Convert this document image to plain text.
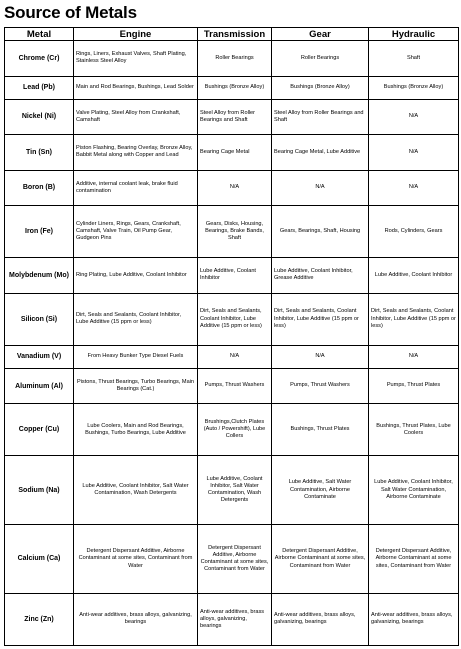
Source of Metals
Metal	Engine	Transmission	Gear	Hydraulic
Chrome (Cr)	Rings, Liners, Exhaust Valves, Shaft Plating, Stainless Steel Alloy	Roller Bearings	Roller Bearings	Shaft
Lead (Pb)	Main and Rod Bearings, Bushings, Lead Solder	Bushings (Bronze Alloy)	Bushings (Bronze Alloy)	Bushings (Bronze Alloy)
Nickel (Ni)	Valve Plating, Steel Alloy from Crankshaft, Camshaft	Steel Alloy from Roller Bearings and Shaft	Steel Alloy from Roller Bearings and Shaft	N/A
Tin (Sn)	Piston Flashing, Bearing Overlay, Bronze Alloy, Babbit Metal along with Copper and Lead	Bearing Cage Metal	Bearing Cage Metal, Lube Additive	N/A
Boron (B)	Additive, internal coolant leak, brake fluid contamination	N/A	N/A	N/A
Iron (Fe)	Cylinder Liners, Rings, Gears, Crankshaft, Camshaft, Valve Train, Oil Pump Gear, Gudgeon Pins	Gears, Disks, Housing, Bearings, Brake Bands, Shaft	Gears, Bearings, Shaft, Housing	Rods, Cylinders, Gears
Molybdenum (Mo)	Ring Plating, Lube Additive, Coolant Inhibitor	Lube Additive, Coolant Inhibitor	Lube Additive, Coolant Inhibitor, Grease Additive	Lube Additive, Coolant Inhibitor
Silicon (Si)	Dirt, Seals and Sealants, Coolant Inhibitor, Lube Additive (15 ppm or less)	Dirt, Seals and Sealants, Coolant Inhibitor, Lube Additive (15 ppm or less)	Dirt, Seals and Sealants, Coolant Inhibitor, Lube Additive (15 ppm or less)	Dirt, Seals and Sealants, Coolant Inhibitor, Lube Additive (15 ppm or less)
Vanadium (V)	From Heavy Bunker Type Diesel Fuels	N/A	N/A	N/A
Aluminum (Al)	Pistons, Thrust Bearings, Turbo Bearings, Main Bearings (Cat.)	Pumps, Thrust Washers	Pumps, Thrust Washers	Pumps, Thrust Plates
Copper (Cu)	Lube Coolers, Main and Rod Bearings, Bushings, Turbo Bearings, Lube Additive	Brushings,Clutch Plates (Auto / Powershift), Lube Collers	Bushings, Thrust Plates	Bushings, Thrust Plates, Lube Coolers
Sodium (Na)	Lube Additive, Coolant Inhibitor, Salt Water Contamination, Wash Detergents	Lube Additive, Coolant Inhibitor, Salt Water Contamination, Wash Detergents	Lube Additive, Salt Water Contamination, Airborne Contaminate	Lube Additive, Coolant Inhibitor, Salt Water Contamination, Airborne Contaminate
Calcium (Ca)	Detergent Dispersant Additive, Airborne Contaminant at some sites, Contaminant from Water	Detergent Dispersant Additive, Airborne Contaminant at some sites, Contaminant from Water	Detergent Dispersant Additive, Airborne Contaminant at some sites, Contaminant from Water	Detergent Dispersant Additive, Airborne Contaminant at some sites, Contaminant from Water
Zinc (Zn)	Anti-wear additives, brass alloys, galvanizing, bearings	Anti-wear additives, brass alloys, galvanizing, bearings	Anti-wear additives, brass alloys, galvanizing, bearings	Anti-wear additives, brass alloys, galvanizing, bearings
